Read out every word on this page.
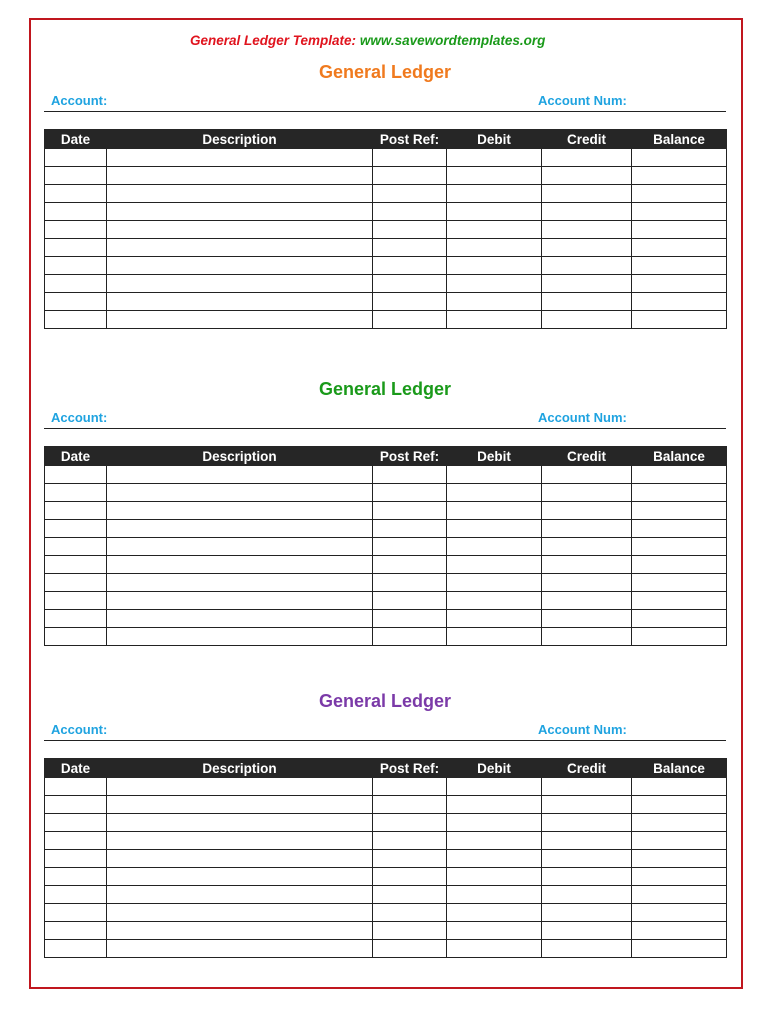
General Ledger Template: www.savewordtemplates.org
General Ledger
Account:	Account Num:
Date	Description	Post Ref:	Debit	Credit	Balance

General Ledger
Account:	Account Num:
Date	Description	Post Ref:	Debit	Credit	Balance

General Ledger
Account:	Account Num:
Date	Description	Post Ref:	Debit	Credit	Balance
